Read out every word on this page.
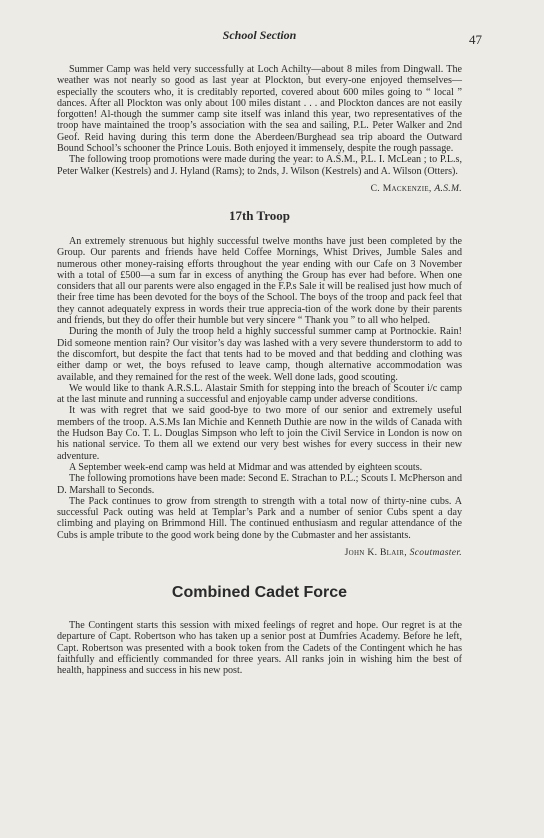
School Section	47

Summer Camp was held very successfully at Loch Achilty—about 8 miles from Dingwall. The weather was not nearly so good as last year at Plockton, but every-one enjoyed themselves—especially the scouters who, it is creditably reported, covered about 600 miles going to “ local ” dances. After all Plockton was only about 100 miles distant . . . and Plockton dances are not easily forgotten! Al-though the summer camp site itself was inland this year, two representatives of the troop have maintained the troop’s association with the sea and sailing, P.L. Peter Walker and 2nd Geof. Reid having during this term done the Aberdeen/Burghead sea trip aboard the Outward Bound School’s schooner the Prince Louis. Both enjoyed it immensely, despite the rough passage.

The following troop promotions were made during the year: to A.S.M., P.L. I. McLean ; to P.L.s, Peter Walker (Kestrels) and J. Hyland (Rams); to 2nds, J. Wilson (Kestrels) and A. Wilson (Otters).

C. Mackenzie, A.S.M.
17th Troop

An extremely strenuous but highly successful twelve months have just been completed by the Group. Our parents and friends have held Coffee Mornings, Whist Drives, Jumble Sales and numerous other money-raising efforts throughout the year ending with our Cafe on 3 November with a total of £500—a sum far in excess of anything the Group has ever had before. When one considers that all our parents were also engaged in the F.P.s Sale it will be realised just how much of their free time has been devoted for the boys of the School. The boys of the troop and pack feel that they cannot adequately express in words their true apprecia-tion of the work done by their parents and friends, but they do offer their humble but very sincere “ Thank you ” to all who helped.

During the month of July the troop held a highly successful summer camp at Portnockie. Rain! Did someone mention rain? Our visitor’s day was lashed with a very severe thunderstorm to add to the discomfort, but despite the fact that tents had to be moved and that bedding and clothing was either damp or wet, the boys refused to leave camp, though alternative accommodation was available, and they remained for the rest of the week. Well done lads, good scouting.

We would like to thank A.R.S.L. Alastair Smith for stepping into the breach of Scouter i/c camp at the last minute and running a successful and enjoyable camp under adverse conditions.

It was with regret that we said good-bye to two more of our senior and extremely useful members of the troop. A.S.Ms Ian Michie and Kenneth Duthie are now in the wilds of Canada with the Hudson Bay Co. T. L. Douglas Simpson who left to join the Civil Service in London is now on his national service. To them all we extend our very best wishes for every success in their new adventure.

A September week-end camp was held at Midmar and was attended by eighteen scouts.

The following promotions have been made: Second E. Strachan to P.L.; Scouts I. McPherson and D. Marshall to Seconds.

The Pack continues to grow from strength to strength with a total now of thirty-nine cubs. A successful Pack outing was held at Templar’s Park and a number of senior Cubs spent a day climbing and playing on Brimmond Hill. The continued enthusiasm and regular attendance of the Cubs is ample tribute to the good work being done by the Cubmaster and her assistants.

John K. Blair, Scoutmaster.
Combined Cadet Force

The Contingent starts this session with mixed feelings of regret and hope. Our regret is at the departure of Capt. Robertson who has taken up a senior post at Dumfries Academy. Before he left, Capt. Robertson was presented with a book token from the Cadets of the Contingent which he has faithfully and efficiently commanded for three years. All ranks join in wishing him the best of health, happiness and success in his new post.
